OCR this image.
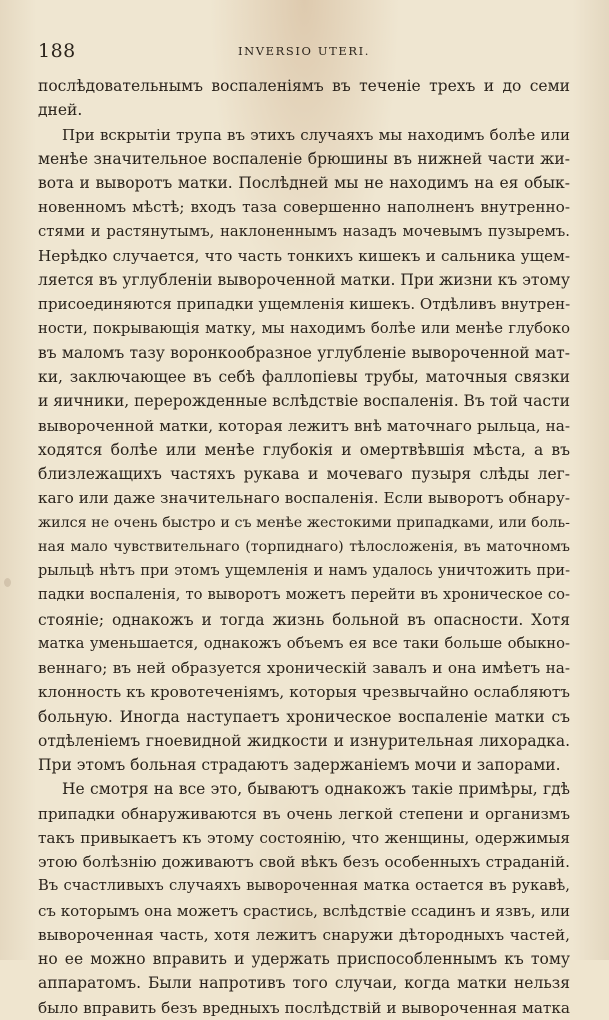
188	INVERSIO UTERI.
послѣдовательнымъ воспаленіямъ въ теченіе трехъ и до семи
дней.
При вскрытіи трупа въ этихъ случаяхъ мы находимъ болѣе или
менѣе значительное воспаленіе брюшины въ нижней части жи-
вота и выворотъ матки. Послѣдней мы не находимъ на ея обык-
новенномъ мѣстѣ; входъ таза совершенно наполненъ внутренно-
стями и растянутымъ, наклоненнымъ назадъ мочевымъ пузыремъ.
Нерѣдко случается, что часть тонкихъ кишекъ и сальника ущем-
ляется въ углубленіи вывороченной матки. При жизни къ этому
присоединяются припадки ущемленія кишекъ. Отдѣливъ внутрен-
ности, покрывающія матку, мы находимъ болѣе или менѣе глубоко
въ маломъ тазу воронкообразное углубленіе вывороченной мат-
ки, заключающее въ себѣ фаллопіевы трубы, маточныя связки
и яичники, перерожденные вслѣдствіе воспаленія. Въ той части
вывороченной матки, которая лежитъ внѣ маточнаго рыльца, на-
ходятся болѣе или менѣе глубокія и омертвѣвшія мѣста, а въ
близлежащихъ частяхъ рукава и мочеваго пузыря слѣды лег-
каго или даже значительнаго воспаленія. Если выворотъ обнару-
жился не очень быстро и съ менѣе жестокими припадками, или боль-
ная мало чувствительнаго (торпиднаго) тѣлосложенія, въ маточномъ
рыльцѣ нѣтъ при этомъ ущемленія и намъ удалось уничтожить при-
падки воспаленія, то выворотъ можетъ перейти въ хроническое со-
стояніе; однакожъ и тогда жизнь больной въ опасности. Хотя
матка уменьшается, однакожъ объемъ ея все таки больше обыкно-
веннаго; въ ней образуется хроническій завалъ и она имѣетъ на-
клонность къ кровотеченіямъ, которыя чрезвычайно ослабляютъ
больную. Иногда наступаетъ хроническое воспаленіе матки съ
отдѣленіемъ гноевидной жидкости и изнурительная лихорадка.
При этомъ больная страдаютъ задержаніемъ мочи и запорами.
Не смотря на все это, бываютъ однакожъ такіе примѣры, гдѣ
припадки обнаруживаются въ очень легкой степени и организмъ
такъ привыкаетъ къ этому состоянію, что женщины, одержимыя
этою болѣзнію доживаютъ свой вѣкъ безъ особенныхъ страданій.
Въ счастливыхъ случаяхъ вывороченная матка остается въ рукавѣ,
съ которымъ она можетъ срастись, вслѣдствіе ссадинъ и язвъ, или
вывороченная часть, хотя лежитъ снаружи дѣтородныхъ частей,
но ее можно вправить и удержать приспособленнымъ къ тому
аппаратомъ. Были напротивъ того случаи, когда матки нельзя
было вправить безъ вредныхъ послѣдствій и вывороченная матка
